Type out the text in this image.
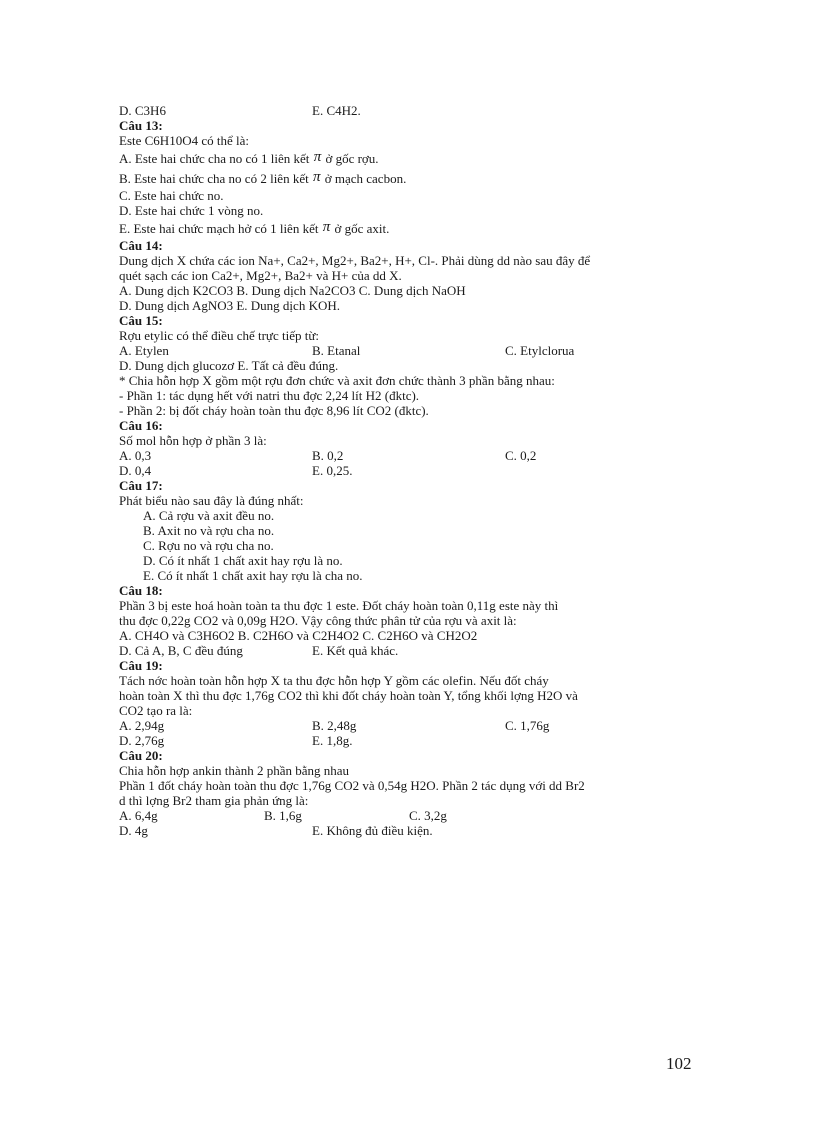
D. C3H6	E. C4H2.
Câu 13:
Este C6H10O4 có thể là:
A. Este hai chức cha no có 1 liên kết π ở gốc rợu.
B. Este hai chức cha no có 2 liên kết π ở mạch cacbon.
C. Este hai chức no.
D. Este hai chức 1 vòng no.
E. Este hai chức mạch hở có 1 liên kết π ở gốc axit.
Câu 14:
Dung dịch X chứa các ion Na+, Ca2+, Mg2+, Ba2+, H+, Cl-. Phải dùng dd nào sau đây để
quét sạch các ion Ca2+, Mg2+, Ba2+ và H+ của dd X.
A. Dung dịch K2CO3 B. Dung dịch Na2CO3 C. Dung dịch NaOH
D. Dung dịch AgNO3 E. Dung dịch KOH.
Câu 15:
Rợu etylic có thể điều chế trực tiếp từ:
A. Etylen	B. Etanal	C. Etylclorua
D. Dung dịch glucozơ E. Tất cả đều đúng.
* Chia hỗn hợp X gồm một rợu đơn chức và axit đơn chức thành 3 phần bằng nhau:
- Phần 1: tác dụng hết với natri thu đợc 2,24 lít H2 (đktc).
- Phần 2: bị đốt cháy hoàn toàn thu đợc 8,96 lít CO2 (đktc).
Câu 16:
Số mol hỗn hợp ở phần 3 là:
A. 0,3	B. 0,2	C. 0,2
D. 0,4	E. 0,25.
Câu 17:
Phát biểu nào sau đây là đúng nhất:
A. Cả rợu và axit đều no.
B. Axit no và rợu cha no.
C. Rợu no và rợu cha no.
D. Có ít nhất 1 chất axit hay rợu là no.
E. Có ít nhất 1 chất axit hay rợu là cha no.
Câu 18:
Phần 3 bị este hoá hoàn toàn ta thu đợc 1 este. Đốt cháy hoàn toàn 0,11g este này thì
thu đợc 0,22g CO2 và 0,09g H2O. Vậy công thức phân tử của rợu và axit là:
A. CH4O và C3H6O2 B. C2H6O và C2H4O2 C. C2H6O và CH2O2
D. Cả A, B, C đều đúng	E. Kết quả khác.
Câu 19:
Tách nớc hoàn toàn hỗn hợp X ta thu đợc hỗn hợp Y gồm các olefin. Nếu đốt cháy
hoàn toàn X thì thu đợc 1,76g CO2 thì khi đốt cháy hoàn toàn Y, tổng khối lợng H2O và
CO2 tạo ra là:
A. 2,94g	B. 2,48g	C. 1,76g
D. 2,76g	E. 1,8g.
Câu 20:
Chia hỗn hợp ankin thành 2 phần bằng nhau
Phần 1 đốt cháy hoàn toàn thu đợc 1,76g CO2 và 0,54g H2O. Phần 2 tác dụng với dd Br2
d thì lợng Br2 tham gia phản ứng là:
A. 6,4g	B. 1,6g	C. 3,2g
D. 4g	E. Không đủ điều kiện.
102
